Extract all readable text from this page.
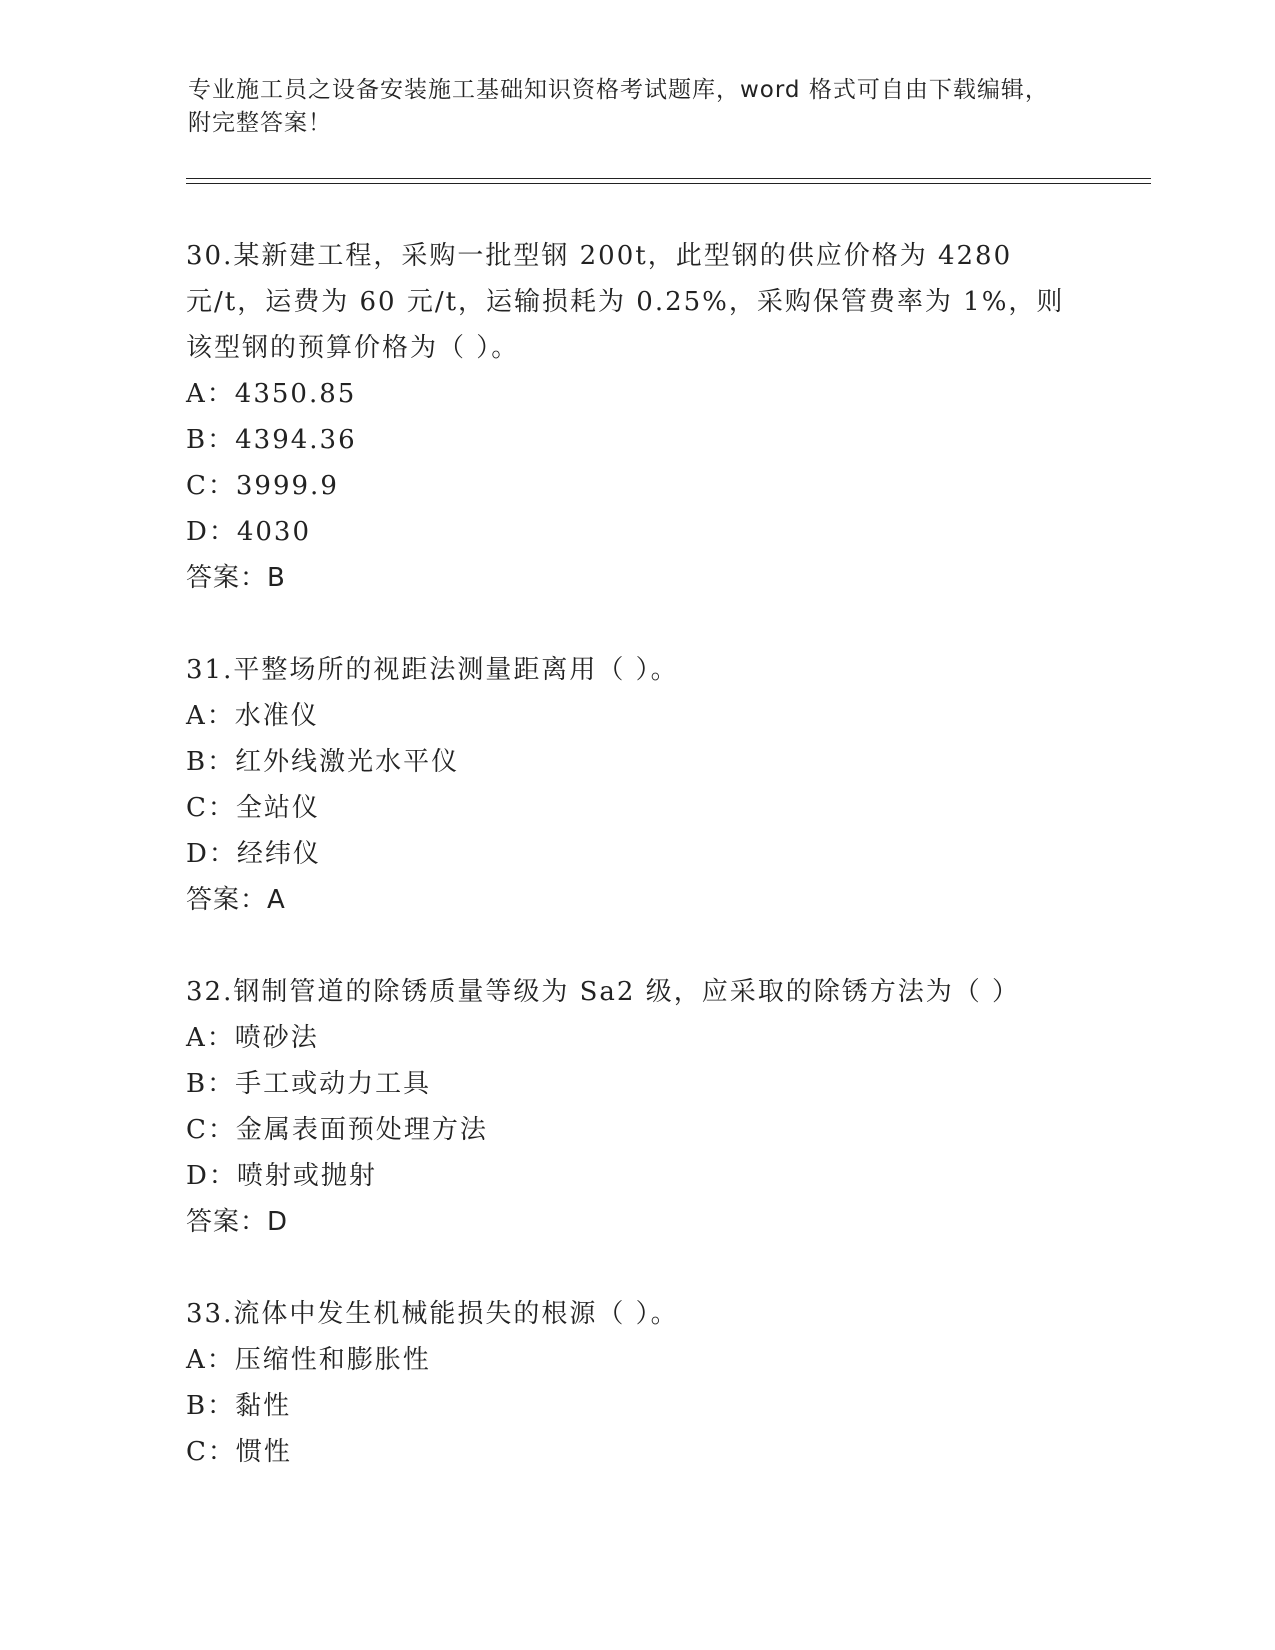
专业施工员之设备安装施工基础知识资格考试题库，word 格式可自由下载编辑，
附完整答案！

30.某新建工程，采购一批型钢 200t，此型钢的供应价格为 4280 元/t，运费为 60 元/t，运输损耗为 0.25%，采购保管费率为 1%，则该型钢的预算价格为（ ）。

A：4350.85
B：4394.36
C：3999.9
D：4030
答案：B

31.平整场所的视距法测量距离用（ ）。

A：水准仪
B：红外线激光水平仪
C：全站仪
D：经纬仪
答案：A

32.钢制管道的除锈质量等级为 Sa2 级，应采取的除锈方法为（ ）

A：喷砂法
B：手工或动力工具
C：金属表面预处理方法
D：喷射或抛射
答案：D

33.流体中发生机械能损失的根源（ ）。

A：压缩性和膨胀性
B：黏性
C：惯性
